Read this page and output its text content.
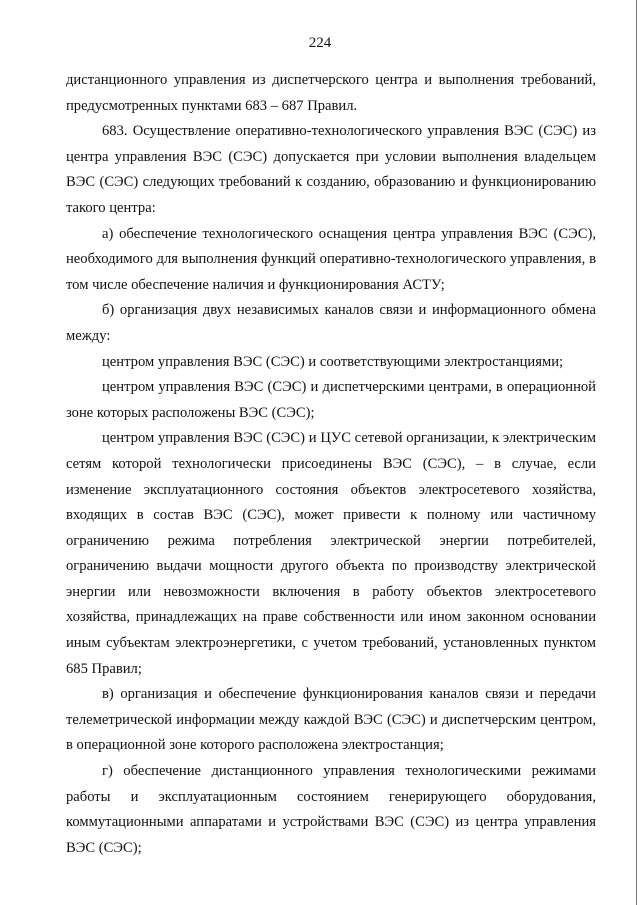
224

дистанционного управления из диспетчерского центра и выполнения требований, предусмотренных пунктами 683 – 687 Правил.

683. Осуществление оперативно-технологического управления ВЭС (СЭС) из центра управления ВЭС (СЭС) допускается при условии выполнения владельцем ВЭС (СЭС) следующих требований к созданию, образованию и функционированию такого центра:

а) обеспечение технологического оснащения центра управления ВЭС (СЭС), необходимого для выполнения функций оперативно-технологического управления, в том числе обеспечение наличия и функционирования АСТУ;

б) организация двух независимых каналов связи и информационного обмена между:

центром управления ВЭС (СЭС) и соответствующими электростанциями;

центром управления ВЭС (СЭС) и диспетчерскими центрами, в операционной зоне которых расположены ВЭС (СЭС);

центром управления ВЭС (СЭС) и ЦУС сетевой организации, к электрическим сетям которой технологически присоединены ВЭС (СЭС), – в случае, если изменение эксплуатационного состояния объектов электросетевого хозяйства, входящих в состав ВЭС (СЭС), может привести к полному или частичному ограничению режима потребления электрической энергии потребителей, ограничению выдачи мощности другого объекта по производству электрической энергии или невозможности включения в работу объектов электросетевого хозяйства, принадлежащих на праве собственности или ином законном основании иным субъектам электроэнергетики, с учетом требований, установленных пунктом 685 Правил;

в) организация и обеспечение функционирования каналов связи и передачи телеметрической информации между каждой ВЭС (СЭС) и диспетчерским центром, в операционной зоне которого расположена электростанция;

г) обеспечение дистанционного управления технологическими режимами работы и эксплуатационным состоянием генерирующего оборудования, коммутационными аппаратами и устройствами ВЭС (СЭС) из центра управления ВЭС (СЭС);
